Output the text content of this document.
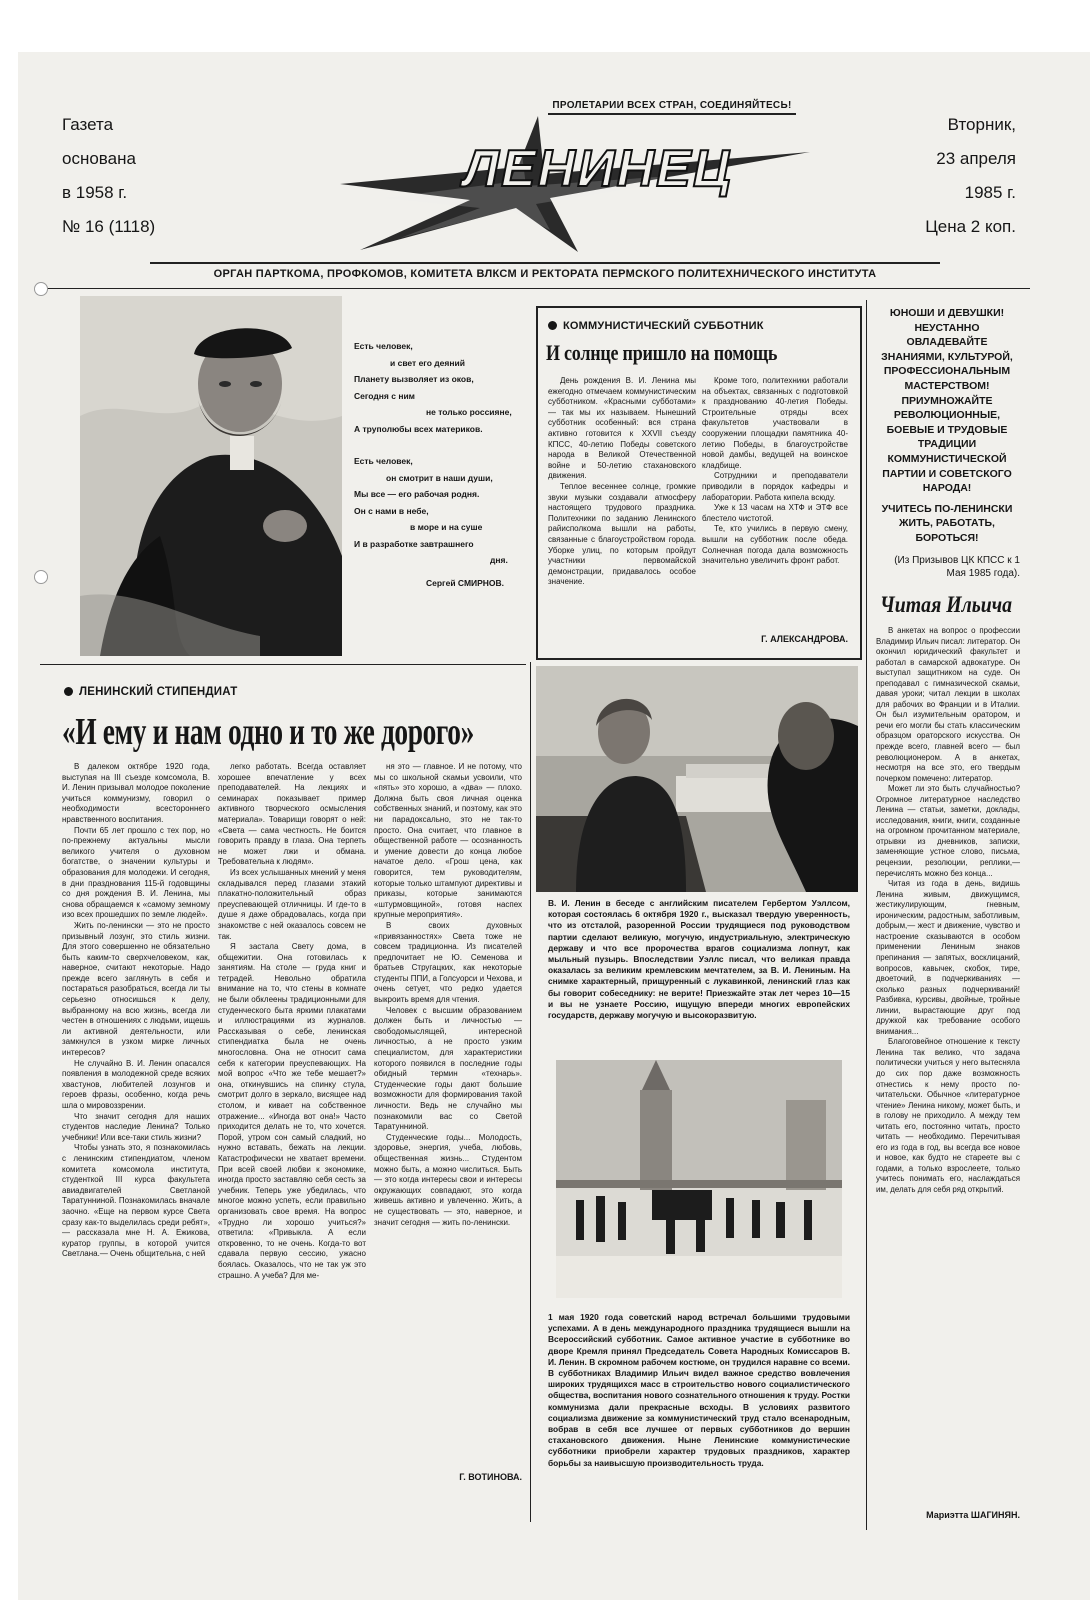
Газета
основана
в 1958 г.
№ 16 (1118)
ПРОЛЕТАРИИ ВСЕХ СТРАН, СОЕДИНЯЙТЕСЬ!
ЛЕНИНЕЦ
Вторник,
23 апреля
1985 г.
Цена 2 коп.
ОРГАН ПАРТКОМА, ПРОФКОМОВ, КОМИТЕТА ВЛКСМ И РЕКТОРАТА ПЕРМСКОГО ПОЛИТЕХНИЧЕСКОГО ИНСТИТУТА
Есть человек,
и свет его деяний
Планету вызволяет из оков,
Сегодня с ним
не только россияне,
А труполюбы всех материков.
Есть человек,
он смотрит в наши души,
Мы все — его рабочая родня.
Он с нами в небе,
в море и на суше
И в разработке завтрашнего
дня.
Сергей СМИРНОВ.
КОММУНИСТИЧЕСКИЙ СУББОТНИК
И солнце пришло на помощь

День рождения В. И. Ленина мы ежегодно отмечаем коммунистическим субботником. «Красными субботами» — так мы их называем. Нынешний субботник особенный: вся страна активно готовится к XXVII съезду КПСС, 40-летию Победы советского народа в Великой Отечественной войне и 50-летию стахановского движения.

Теплое весеннее солнце, громкие звуки музыки создавали атмосферу настоящего трудового праздника. Политехники по заданию Ленинского райисполкома вышли на работы, связанные с благоустройством города. Уборке улиц, по которым пройдут участники первомайской демонстрации, придавалось особое значение.

Кроме того, политехники работали на объектах, связанных с подготовкой к празднованию 40-летия Победы. Строительные отряды всех факультетов участвовали в сооружении площадки памятника 40-летию Победы, в благоустройстве новой дамбы, ведущей на воинское кладбище.

Сотрудники и преподаватели приводили в порядок кафедры и лаборатории. Работа кипела всюду.

Уже к 13 часам на ХТФ и ЭТФ все блестело чистотой.

Те, кто учились в первую смену, вышли на субботник после обеда. Солнечная погода дала возможность значительно увеличить фронт работ.

Г. АЛЕКСАНДРОВА.
ЮНОШИ И ДЕВУШКИ! НЕУСТАННО ОВЛАДЕВАЙТЕ ЗНАНИЯМИ, КУЛЬТУРОЙ, ПРОФЕССИОНАЛЬНЫМ МАСТЕРСТВОМ! ПРИУМНОЖАЙТЕ РЕВОЛЮЦИОННЫЕ, БОЕВЫЕ И ТРУДОВЫЕ ТРАДИЦИИ КОММУНИСТИЧЕСКОЙ ПАРТИИ И СОВЕТСКОГО НАРОДА!
УЧИТЕСЬ ПО-ЛЕНИНСКИ ЖИТЬ, РАБОТАТЬ, БОРОТЬСЯ!
(Из Призывов ЦК КПСС к 1 Мая 1985 года).
Читая Ильича

В анкетах на вопрос о профессии Владимир Ильич писал: литератор. Он окончил юридический факультет и работал в самарской адвокатуре. Он выступал защитником на суде. Он преподавал с гимназической скамьи, давая уроки; читал лекции в школах для рабочих во Франции и в Италии. Он был изумительным оратором, и речи его могли бы стать классическим образцом ораторского искусства. Он прежде всего, главней всего — был революционером. А в анкетах, несмотря на все это, его твердым почерком помечено: литератор.

Может ли это быть случайностью? Огромное литературное наследство Ленина — статьи, заметки, доклады, исследования, книги, книги, созданные на огромном прочитанном материале, отрывки из дневников, записки, заменяющие устное слово, письма, рецензии, резолюции, реплики,— перечислять можно без конца...

Читая из года в день, видишь Ленина живым, движущимся, жестикулирующим, гневным, ироническим, радостным, заботливым, добрым,— жест и движение, чувство и настроение сказываются в особом применении Лениным знаков препинания — запятых, восклицаний, вопросов, кавычек, скобок, тире, двоеточий, в подчеркиваниях — сколько разных подчеркиваний! Разбивка, курсивы, двойные, тройные линии, вырастающие друг под дружкой как требование особого внимания...

Благоговейное отношение к тексту Ленина так велико, что задача политически учиться у него вытесняла до сих пор даже возможность отнестись к нему просто по-читательски. Обычное «литературное чтение» Ленина никому, может быть, и в голову не приходило. А между тем читать его, постоянно читать, просто читать — необходимо. Перечитывая его из года в год, вы всегда все новое и новое, как будто не стареете вы с годами, а только взрослеете, только учитесь понимать его, наслаждаться им, делать для себя ряд открытий.

Мариэтта ШАГИНЯН.
В. И. Ленин в беседе с английским писателем Гербертом Уэллсом, которая состоялась 6 октября 1920 г., высказал твердую уверенность, что из отсталой, разоренной России трудящиеся под руководством партии сделают великую, могучую, индустриальную, электрическую державу и что все пророчества врагов социализма лопнут, как мыльный пузырь. Впоследствии Уэллс писал, что великая правда оказалась за великим кремлевским мечтателем, за В. И. Лениным. На снимке характерный, прищуренный с лукавинкой, ленинский глаз как бы говорит собеседнику: не верите! Приезжайте этак лет через 10—15 и вы не узнаете Россию, ищущую впереди многих европейских государств, державу могучую и высокоразвитую.
1 мая 1920 года советский народ встречал большими трудовыми успехами. А в день международного праздника трудящиеся вышли на Всероссийский субботник. Самое активное участие в субботнике во дворе Кремля принял Председатель Совета Народных Комиссаров В. И. Ленин. В скромном рабочем костюме, он трудился наравне со всеми. В субботниках Владимир Ильич видел важное средство вовлечения широких трудящихся масс в строительство нового социалистического общества, воспитания нового сознательного отношения к труду. Ростки коммунизма дали прекрасные всходы. В условиях развитого социализма движение за коммунистический труд стало всенародным, вобрав в себя все лучшее от первых субботников до вершин стахановского движения. Ныне Ленинские коммунистические субботники приобрели характер трудовых праздников, характер борьбы за наивысшую производительность труда.
ЛЕНИНСКИЙ СТИПЕНДИАТ
«И ему и нам одно и то же дорого»

В далеком октябре 1920 года, выступая на III съезде комсомола, В. И. Ленин призывал молодое поколение учиться коммунизму, говорил о необходимости всестороннего нравственного воспитания.

Почти 65 лет прошло с тех пор, но по-прежнему актуальны мысли великого учителя о духовном богатстве, о значении культуры и образования для молодежи. И сегодня, в дни празднования 115-й годовщины со дня рождения В. И. Ленина, мы снова обращаемся к «самому земному изо всех прошедших по земле людей».

Жить по-ленински — это не просто призывный лозунг, это стиль жизни. Для этого совершенно не обязательно быть каким-то сверхчеловеком, как, наверное, считают некоторые. Надо прежде всего заглянуть в себя и постараться разобраться, всегда ли ты серьезно относишься к делу, выбранному на всю жизнь, всегда ли честен в отношениях с людьми, ищешь ли активной деятельности, или замкнулся в узком мирке личных интересов?

Не случайно В. И. Ленин опасался появления в молодежной среде всяких хвастунов, любителей лозунгов и героев фразы, особенно, когда речь шла о мировоззрении.

Что значит сегодня для наших студентов наследие Ленина? Только учебники! Или все-таки стиль жизни?

Чтобы узнать это, я познакомилась с ленинским стипендиатом, членом комитета комсомола института, студенткой III курса факультета авиадвигателей Светланой Таратунниной. Познакомилась вначале заочно. «Еще на первом курсе Света сразу как-то выделилась среди ребят»,— рассказала мне Н. А. Ежикова, куратор группы, в которой учится Светлана.— Очень общительна, с ней

легко работать. Всегда оставляет хорошее впечатление у всех преподавателей. На лекциях и семинарах показывает пример активного творческого осмысления материала». Товарищи говорят о ней: «Света — сама честность. Не боится говорить правду в глаза. Она терпеть не может лжи и обмана. Требовательна к людям».

Из всех услышанных мнений у меня складывался перед глазами этакий плакатно-положительный образ преуспевающей отличницы. И где-то в душе я даже обрадовалась, когда при знакомстве с ней оказалось совсем не так.

Я застала Свету дома, в общежитии. Она готовилась к занятиям. На столе — груда книг и тетрадей. Невольно обратила внимание на то, что стены в комнате не были обклеены традиционными для студенческого быта яркими плакатами и иллюстрациями из журналов. Рассказывая о себе, ленинская стипендиатка была не очень многословна. Она не относит сама себя к категории преуспевающих. На мой вопрос «Что же тебе мешает?» она, откинувшись на спинку стула, смотрит долго в зеркало, висящее над столом, и кивает на собственное отражение... «Иногда вот она!» Часто приходится делать не то, что хочется. Порой, утром сон самый сладкий, но нужно вставать, бежать на лекции. Катастрофически не хватает времени. При всей своей любви к экономике, иногда просто заставляю себя сесть за учебник. Теперь уже убедилась, что многое можно успеть, если правильно организовать свое время. На вопрос «Трудно ли хорошо учиться?» ответила: «Привыкла. А если откровенно, то не очень. Когда-то вот сдавала первую сессию, ужасно боялась. Оказалось, что не так уж это страшно. А учеба? Для ме-

ня это — главное. И не потому, что мы со школьной скамьи усвоили, что «пять» это хорошо, а «два» — плохо. Должна быть своя личная оценка собственных знаний, и поэтому, как это ни парадоксально, это не так-то просто. Она считает, что главное в общественной работе — осознанность и умение довести до конца любое начатое дело. «Грош цена, как говорится, тем руководителям, которые только штампуют директивы и приказы, которые занимаются «штурмовщиной», готовя наспех крупные мероприятия».

В своих духовных «привязанностях» Света тоже не совсем традиционна. Из писателей предпочитает не Ю. Семенова и братьев Стругацких, как некоторые студенты ППИ, а Голсуорси и Чехова, и очень сетует, что редко удается выкроить время для чтения.

Человек с высшим образованием должен быть и личностью — свободомыслящей, интересной личностью, а не просто узким специалистом, для характеристики которого появился в последние годы обидный термин «технарь». Студенческие годы дают большие возможности для формирования такой личности. Ведь не случайно мы познакомили вас со Светой Таратунниной.

Студенческие годы... Молодость, здоровье, энергия, учеба, любовь, общественная жизнь... Студентом можно быть, а можно числиться. Быть — это когда интересы свои и интересы окружающих совпадают, это когда живешь активно и увлеченно. Жить, а не существовать — это, наверное, и значит сегодня — жить по-ленински.

Г. ВОТИНОВА.
